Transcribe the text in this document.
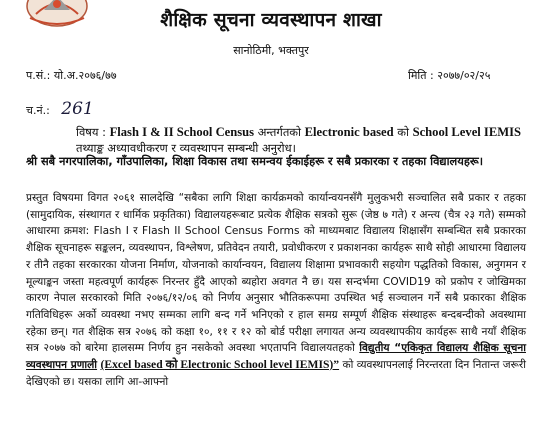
शैक्षिक सूचना व्यवस्थापन शाखा
सानोठिमी, भक्तपुर
प.सं.: यो.अ.२०७६/७७	मिति : २०७७/०२/२५
च.नं.: 261
विषय : Flash I & II School Census अन्तर्गतको Electronic based को School Level IEMIS
तथ्याङ्क अध्यावधीकरण र व्यवस्थापन सम्बन्धी अनुरोध।
श्री सबै नगरपालिका, गाँउपालिका, शिक्षा विकास तथा समन्वय ईकाईहरू र सबै प्रकारका र तहका विद्यालयहरू।
प्रस्तुत विषयमा विगत २०६१ सालदेखि “सबैका लागि शिक्षा कार्यक्रमको कार्यान्वयनसँगै मुलुकभरी सञ्चालित सबै प्रकार र तहका (सामुदायिक, संस्थागत र धार्मिक प्रकृतिका) विद्यालयहरूबाट प्रत्येक शैक्षिक सत्रको सुरू (जेष्ठ ७ गते) र अन्त्य (चैत्र २३ गते) सम्मको आधारमा क्रमश: Flash I र Flash II School Census Forms को माध्यमबाट विद्यालय शिक्षासँग सम्बन्धित सबै प्रकारका शैक्षिक सूचनाहरू सङ्कलन, व्यवस्थापन, विश्लेषण, प्रतिवेदन तयारी, प्रवोधीकरण र प्रकाशनका कार्यहरू साथै सोही आधारमा विद्यालय र तीनै तहका सरकारका योजना निर्माण, योजनाको कार्यान्वयन, विद्यालय शिक्षामा प्रभावकारी सहयोग पद्धतिको विकास, अनुगमन र मूल्याङ्कन जस्ता महत्वपूर्ण कार्यहरू निरन्तर हुँदै आएको ब्यहोरा अवगत नै छ। यस सन्दर्भमा COVID19 को प्रकोप र जोखिमका कारण नेपाल सरकारको मिति २०७६/१२/०६ को निर्णय अनुसार भौतिकरूपमा उपस्थित भई सञ्चालन गर्ने सबै प्रकारका शैक्षिक गतिविधिहरू अर्को व्यवस्था नभए सम्मका लागि बन्द गर्ने भनिएको र हाल समग्र सम्पूर्ण शैक्षिक संस्थाहरू बन्दबन्दीको अवस्थामा रहेका छन्। गत शैक्षिक सत्र २०७६ को कक्षा १०, ११ र १२ को बोर्ड परीक्षा लगायत अन्य व्यवस्थापकीय कार्यहरू साथै नयाँ शैक्षिक सत्र २०७७ को बारेमा हालसम्म निर्णय हुन नसकेको अवस्था भएतापनि विद्यालयतहको विद्युतीय “एकिकृत विद्यालय शैक्षिक सूचना व्यवस्थापन प्रणाली (Excel based को Electronic School level IEMIS)” को व्यवस्थापनलाई निरन्तरता दिन नितान्त जरूरी देखिएको छ। यसका लागि आ-आफ्नो
